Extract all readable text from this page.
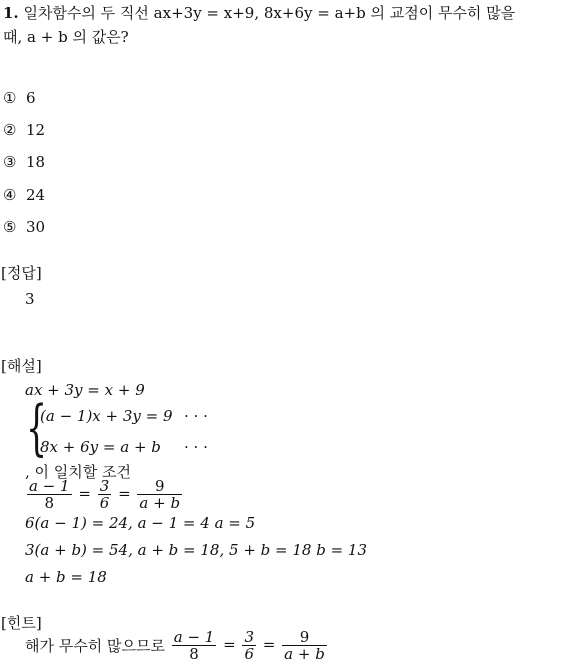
1. 일차함수의 두 직선 ax+3y = x+9, 8x+6y = a+b 의 교점이 무수히 많을
때, a + b 의 값은?
① 6
② 12
③ 18
④ 24
⑤ 30
[정답]
3
[해설]
ax + 3y = x + 9
{
(a − 1)x + 3y = 9 · · ·
8x + 6y = a + b · · ·
, 이 일치할 조건
$\frac{a - 1}{8} = \frac{3}{6} = \frac{9}{a + b}$
6(a − 1) = 24, a − 1 = 4 a = 5
3(a + b) = 54, a + b = 18, 5 + b = 18 b = 13
a + b = 18
[힌트]
해가 무수히 많으므로 $\frac{a - 1}{8} = \frac{3}{6} = \frac{9}{a + b}$
